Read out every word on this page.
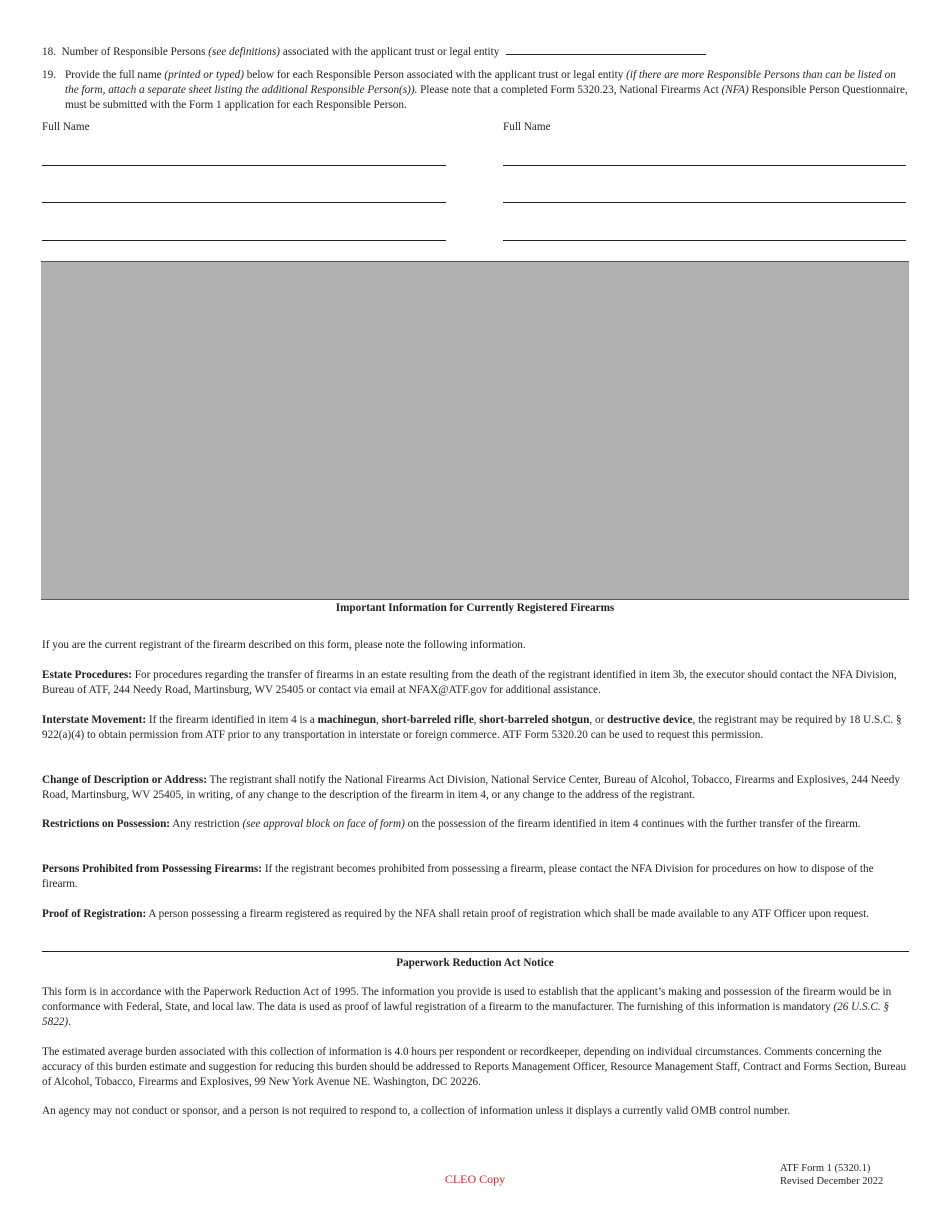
18. Number of Responsible Persons (see definitions) associated with the applicant trust or legal entity
19. Provide the full name (printed or typed) below for each Responsible Person associated with the applicant trust or legal entity (if there are more Responsible Persons than can be listed on the form, attach a separate sheet listing the additional Responsible Person(s)). Please note that a completed Form 5320.23, National Firearms Act (NFA) Responsible Person Questionnaire, must be submitted with the Form 1 application for each Responsible Person.
Full Name	Full Name
Important Information for Currently Registered Firearms
If you are the current registrant of the firearm described on this form, please note the following information.
Estate Procedures: For procedures regarding the transfer of firearms in an estate resulting from the death of the registrant identified in item 3b, the executor should contact the NFA Division, Bureau of ATF, 244 Needy Road, Martinsburg, WV 25405 or contact via email at NFAX@ATF.gov for additional assistance.
Interstate Movement: If the firearm identified in item 4 is a machinegun, short-barreled rifle, short-barreled shotgun, or destructive device, the registrant may be required by 18 U.S.C. § 922(a)(4) to obtain permission from ATF prior to any transportation in interstate or foreign commerce. ATF Form 5320.20 can be used to request this permission.
Change of Description or Address: The registrant shall notify the National Firearms Act Division, National Service Center, Bureau of Alcohol, Tobacco, Firearms and Explosives, 244 Needy Road, Martinsburg, WV 25405, in writing, of any change to the description of the firearm in item 4, or any change to the address of the registrant.
Restrictions on Possession: Any restriction (see approval block on face of form) on the possession of the firearm identified in item 4 continues with the further transfer of the firearm.
Persons Prohibited from Possessing Firearms: If the registrant becomes prohibited from possessing a firearm, please contact the NFA Division for procedures on how to dispose of the firearm.
Proof of Registration: A person possessing a firearm registered as required by the NFA shall retain proof of registration which shall be made available to any ATF Officer upon request.
Paperwork Reduction Act Notice
This form is in accordance with the Paperwork Reduction Act of 1995. The information you provide is used to establish that the applicant’s making and possession of the firearm would be in conformance with Federal, State, and local law. The data is used as proof of lawful registration of a firearm to the manufacturer. The furnishing of this information is mandatory (26 U.S.C. § 5822).
The estimated average burden associated with this collection of information is 4.0 hours per respondent or recordkeeper, depending on individual circumstances. Comments concerning the accuracy of this burden estimate and suggestion for reducing this burden should be addressed to Reports Management Officer, Resource Management Staff, Contract and Forms Section, Bureau of Alcohol, Tobacco, Firearms and Explosives, 99 New York Avenue NE. Washington, DC 20226.
An agency may not conduct or sponsor, and a person is not required to respond to, a collection of information unless it displays a currently valid OMB control number.
CLEO Copy
ATF Form 1 (5320.1)
Revised December 2022
